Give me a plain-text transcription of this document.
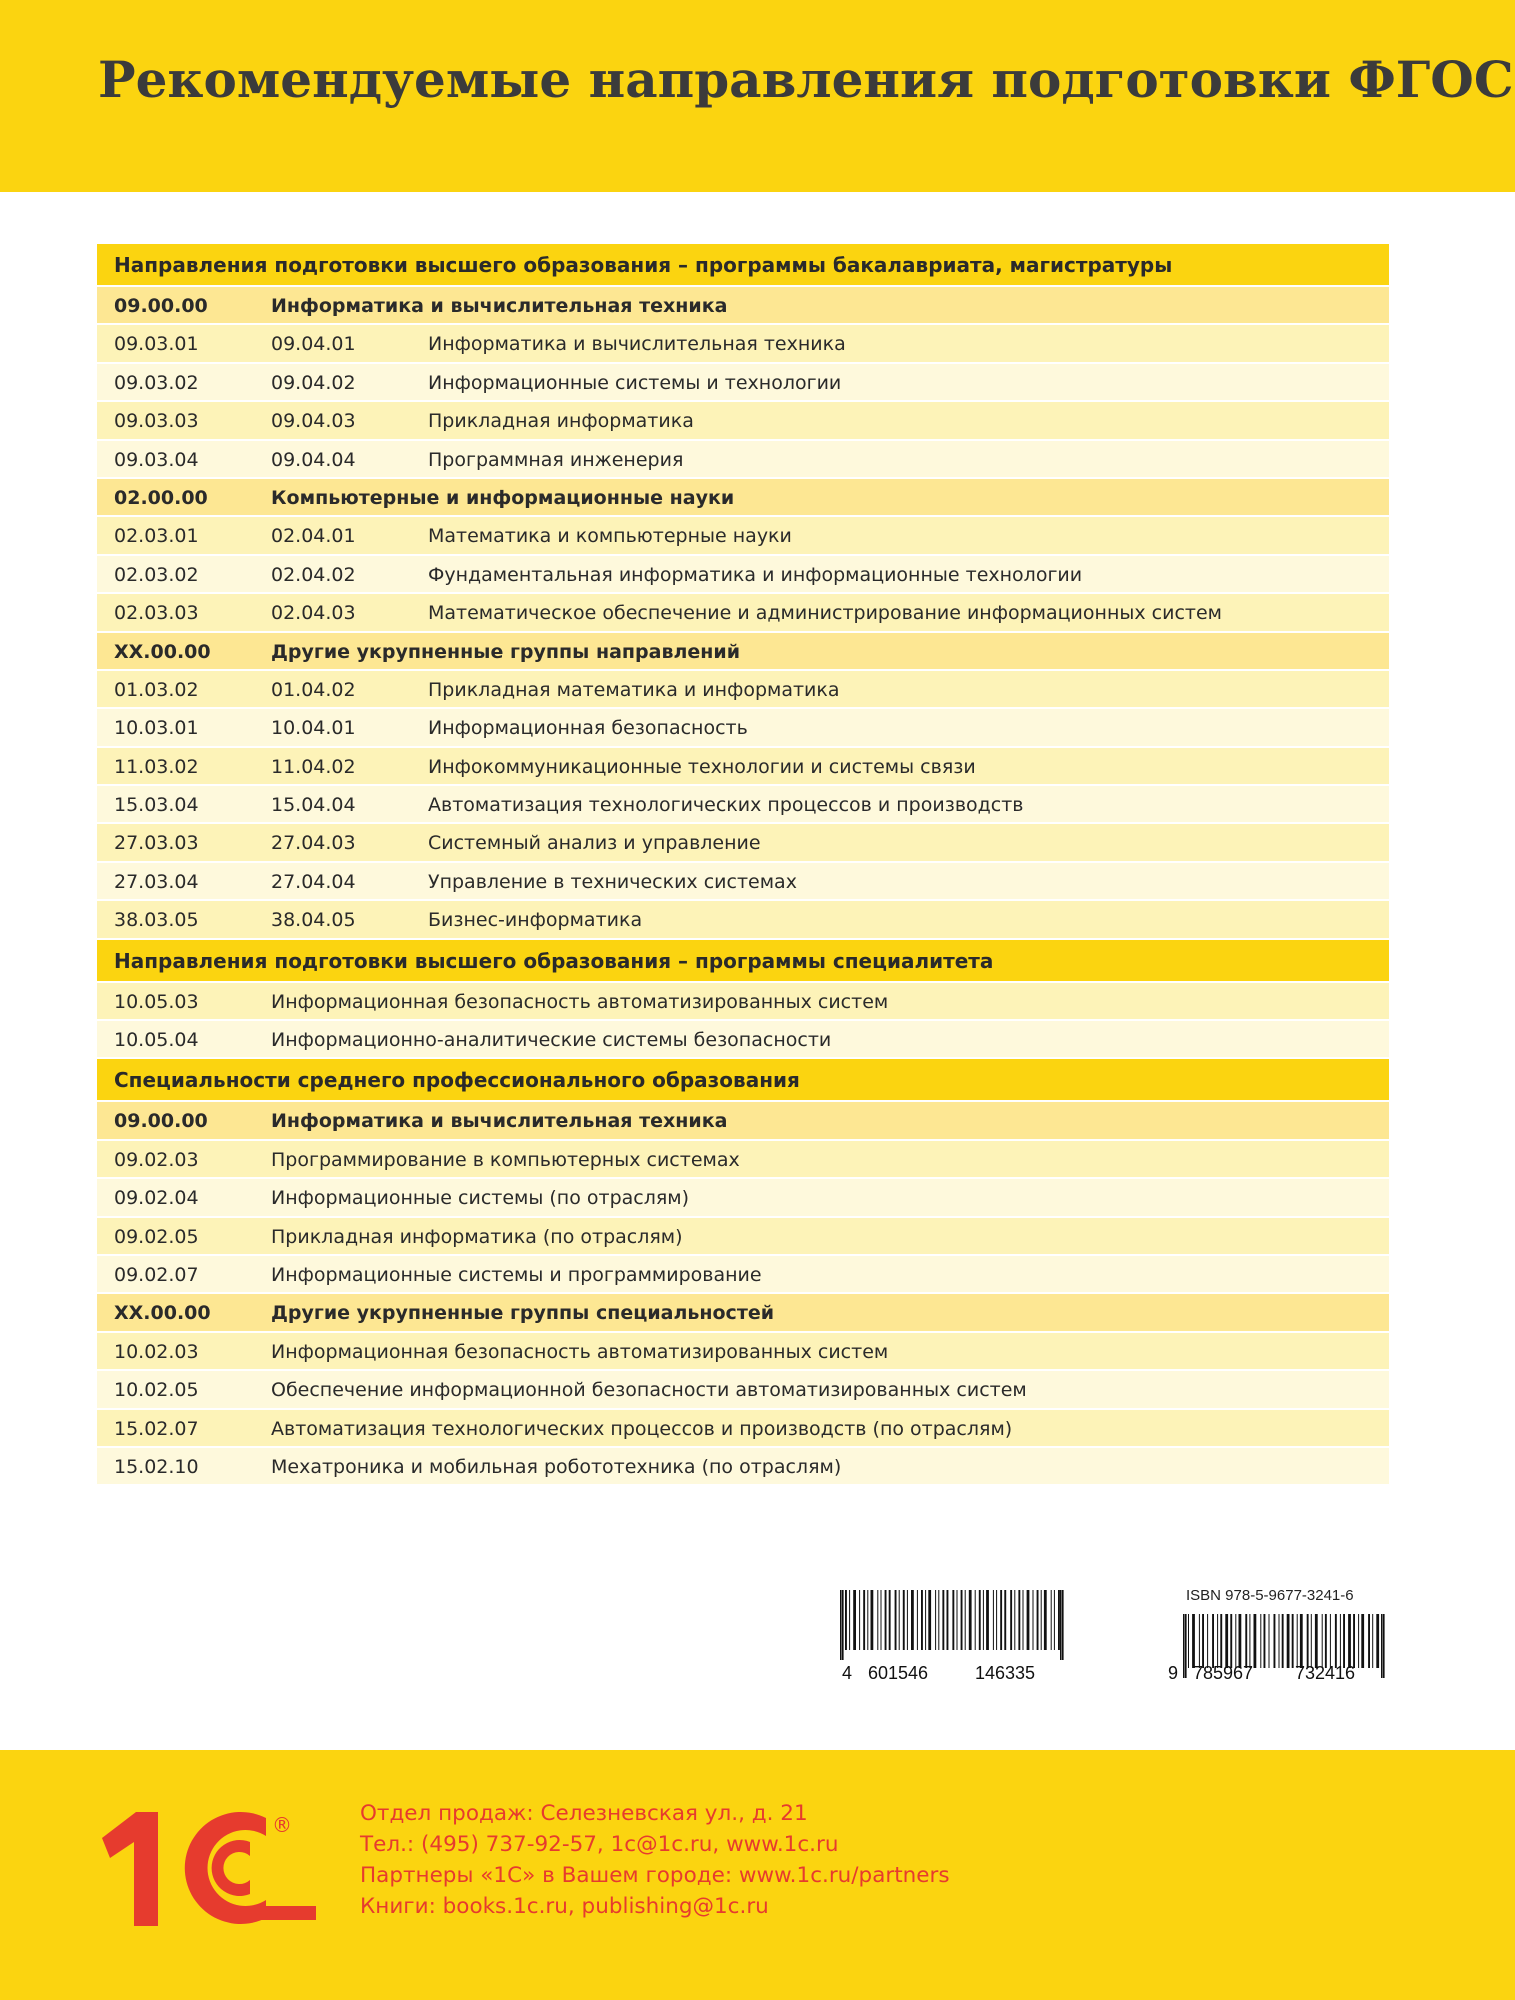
Рекомендуемые направления подготовки ФГОС
Направления подготовки высшего образования – программы бакалавриата, магистратуры
09.00.00	Информатика и вычислительная техника
09.03.01	09.04.01	Информатика и вычислительная техника
09.03.02	09.04.02	Информационные системы и технологии
09.03.03	09.04.03	Прикладная информатика
09.03.04	09.04.04	Программная инженерия
02.00.00	Компьютерные и информационные науки
02.03.01	02.04.01	Математика и компьютерные науки
02.03.02	02.04.02	Фундаментальная информатика и информационные технологии
02.03.03	02.04.03	Математическое обеспечение и администрирование информационных систем
XX.00.00	Другие укрупненные группы направлений
01.03.02	01.04.02	Прикладная математика и информатика
10.03.01	10.04.01	Информационная безопасность
11.03.02	11.04.02	Инфокоммуникационные технологии и системы связи
15.03.04	15.04.04	Автоматизация технологических процессов и производств
27.03.03	27.04.03	Системный анализ и управление
27.03.04	27.04.04	Управление в технических системах
38.03.05	38.04.05	Бизнес-информатика
Направления подготовки высшего образования – программы специалитета
10.05.03	Информационная безопасность автоматизированных систем
10.05.04	Информационно-аналитические системы безопасности
Специальности среднего профессионального образования
09.00.00	Информатика и вычислительная техника
09.02.03	Программирование в компьютерных системах
09.02.04	Информационные системы (по отраслям)
09.02.05	Прикладная информатика (по отраслям)
09.02.07	Информационные системы и программирование
XX.00.00	Другие укрупненные группы специальностей
10.02.03	Информационная безопасность автоматизированных систем
10.02.05	Обеспечение информационной безопасности автоматизированных систем
15.02.07	Автоматизация технологических процессов и производств (по отраслям)
15.02.10	Мехатроника и мобильная робототехника (по отраслям)
ISBN 978-5-9677-3241-6
4 601546	146335	9 785967 732416
®	Отдел продаж: Селезневская ул., д. 21
Тел.: (495) 737-92-57, 1c@1c.ru, www.1c.ru
Партнеры «1С» в Вашем городе: www.1c.ru/partners
Книги: books.1c.ru, publishing@1c.ru
